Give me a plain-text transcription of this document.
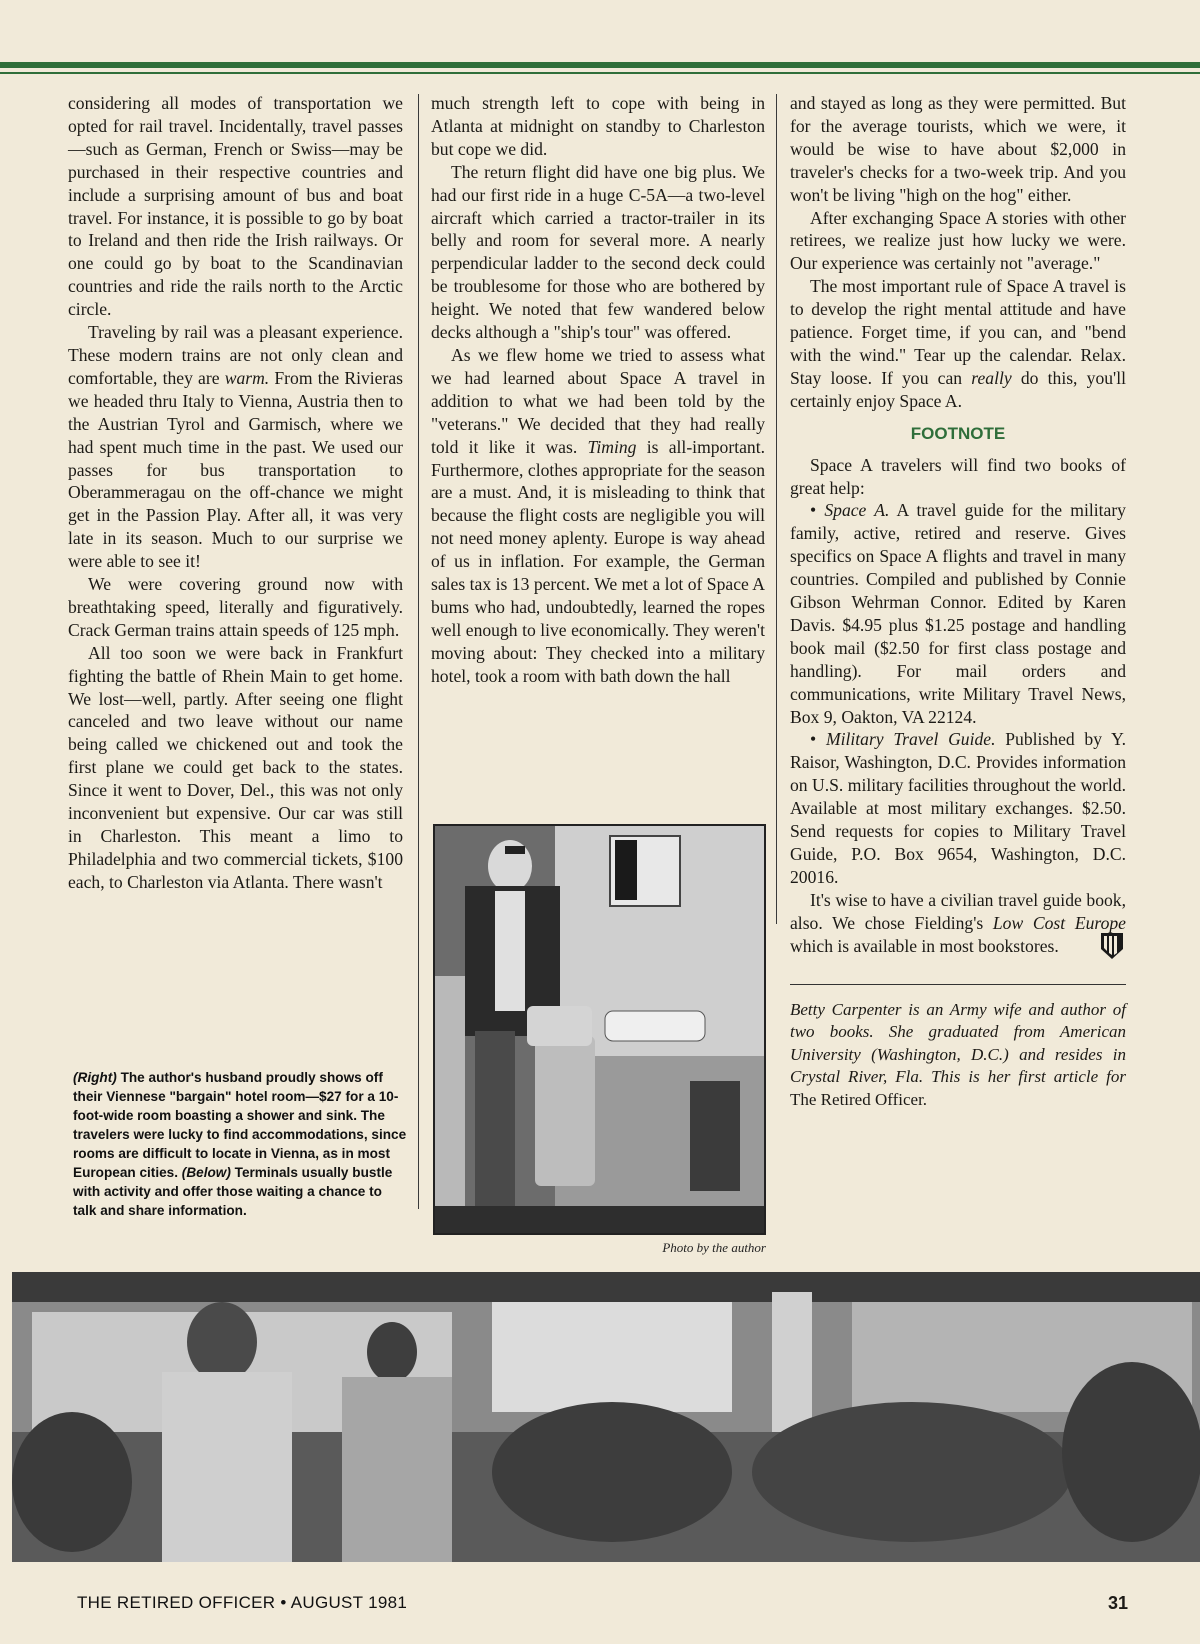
considering all modes of transportation we opted for rail travel. Incidentally, travel passes—such as German, French or Swiss—may be purchased in their respective countries and include a surprising amount of bus and boat travel. For instance, it is possible to go by boat to Ireland and then ride the Irish railways. Or one could go by boat to the Scandinavian countries and ride the rails north to the Arctic circle.

Traveling by rail was a pleasant experience. These modern trains are not only clean and comfortable, they are warm. From the Rivieras we headed thru Italy to Vienna, Austria then to the Austrian Tyrol and Garmisch, where we had spent much time in the past. We used our passes for bus transportation to Oberammeragau on the off-chance we might get in the Passion Play. After all, it was very late in its season. Much to our surprise we were able to see it!

We were covering ground now with breathtaking speed, literally and figuratively. Crack German trains attain speeds of 125 mph.

All too soon we were back in Frankfurt fighting the battle of Rhein Main to get home. We lost—well, partly. After seeing one flight canceled and two leave without our name being called we chickened out and took the first plane we could get back to the states. Since it went to Dover, Del., this was not only inconvenient but expensive. Our car was still in Charleston. This meant a limo to Philadelphia and two commercial tickets, $100 each, to Charleston via Atlanta. There wasn't

(Right) The author's husband proudly shows off their Viennese "bargain" hotel room—$27 for a 10-foot-wide room boasting a shower and sink. The travelers were lucky to find accommodations, since rooms are difficult to locate in Vienna, as in most European cities. (Below) Terminals usually bustle with activity and offer those waiting a chance to talk and share information.

much strength left to cope with being in Atlanta at midnight on standby to Charleston but cope we did.

The return flight did have one big plus. We had our first ride in a huge C-5A—a two-level aircraft which carried a tractor-trailer in its belly and room for several more. A nearly perpendicular ladder to the second deck could be troublesome for those who are bothered by height. We noted that few wandered below decks although a "ship's tour" was offered.

As we flew home we tried to assess what we had learned about Space A travel in addition to what we had been told by the "veterans." We decided that they had really told it like it was. Timing is all-important. Furthermore, clothes appropriate for the season are a must. And, it is misleading to think that because the flight costs are negligible you will not need money aplenty. Europe is way ahead of us in inflation. For example, the German sales tax is 13 percent. We met a lot of Space A bums who had, undoubtedly, learned the ropes well enough to live economically. They weren't moving about: They checked into a military hotel, took a room with bath down the hall

Photo by the author

and stayed as long as they were permitted. But for the average tourists, which we were, it would be wise to have about $2,000 in traveler's checks for a two-week trip. And you won't be living "high on the hog" either.

After exchanging Space A stories with other retirees, we realize just how lucky we were. Our experience was certainly not "average."

The most important rule of Space A travel is to develop the right mental attitude and have patience. Forget time, if you can, and "bend with the wind." Tear up the calendar. Relax. Stay loose. If you can really do this, you'll certainly enjoy Space A.

FOOTNOTE

Space A travelers will find two books of great help:

• Space A. A travel guide for the military family, active, retired and reserve. Gives specifics on Space A flights and travel in many countries. Compiled and published by Connie Gibson Wehrman Connor. Edited by Karen Davis. $4.95 plus $1.25 postage and handling book mail ($2.50 for first class postage and handling). For mail orders and communications, write Military Travel News, Box 9, Oakton, VA 22124.

• Military Travel Guide. Published by Y. Raisor, Washington, D.C. Provides information on U.S. military facilities throughout the world. Available at most military exchanges. $2.50. Send requests for copies to Military Travel Guide, P.O. Box 9654, Washington, D.C. 20016.

It's wise to have a civilian travel guide book, also. We chose Fielding's Low Cost Europe which is available in most bookstores.

Betty Carpenter is an Army wife and author of two books. She graduated from American University (Washington, D.C.) and resides in Crystal River, Fla. This is her first article for The Retired Officer.
THE RETIRED OFFICER • AUGUST 1981	31
